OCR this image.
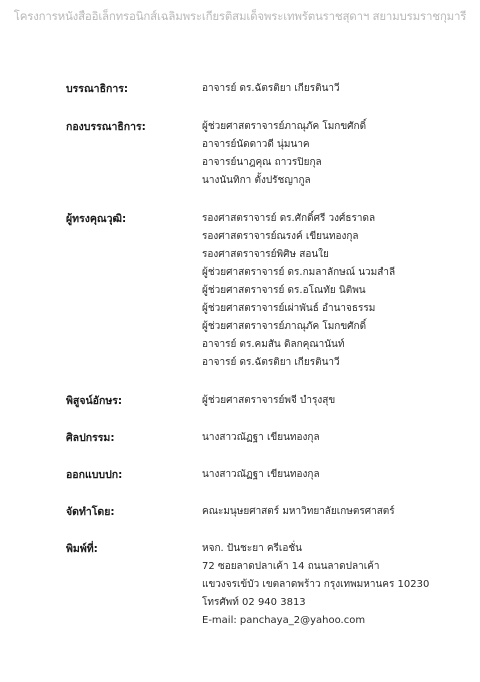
โครงการหนังสืออิเล็กทรอนิกส์เฉลิมพระเกียรติสมเด็จพระเทพรัตนราชสุดาฯ สยามบรมราชกุมารี
บรรณาธิการ:	อาจารย์ ดร.ฉัตรติยา เกียรตินาวี
กองบรรณาธิการ:	ผู้ช่วยศาสตราจารย์ภาณุภัค โมกขศักดิ์
อาจารย์นัดดาวดี นุ่มนาค
อาจารย์นาฎคุณ ถาวรปิยกุล
นางนันทิกา ตั้งปรัชญากูล
ผู้ทรงคุณวุฒิ:	รองศาสตราจารย์ ดร.ศักดิ์ศรี วงศ์ธราดล
รองศาสตราจารย์ณรงค์ เขียนทองกุล
รองศาสตราจารย์พิศิษ สอนใย
ผู้ช่วยศาสตราจารย์ ดร.กมลาลักษณ์ นวมสำลี
ผู้ช่วยศาสตราจารย์ ดร.อโณทัย นิติพน
ผู้ช่วยศาสตราจารย์เผ่าพันธ์ อำนาจธรรม
ผู้ช่วยศาสตราจารย์ภาณุภัค โมกขศักดิ์
อาจารย์ ดร.คมสัน ดิลกคุณานันท์
อาจารย์ ดร.ฉัตรติยา เกียรตินาวี
พิสูจน์อักษร:	ผู้ช่วยศาสตราจารย์พจี บำรุงสุข
ศิลปกรรม:	นางสาวณัฏฐา เขียนทองกุล
ออกแบบปก:	นางสาวณัฏฐา เขียนทองกุล
จัดทำโดย:	คณะมนุษยศาสตร์ มหาวิทยาลัยเกษตรศาสตร์
พิมพ์ที่:	หจก. ปันชะยา ครีเอชั่น
72 ซอยลาดปลาเค้า 14 ถนนลาดปลาเค้า
แขวงจรเข้บัว เขตลาดพร้าว กรุงเทพมหานคร 10230
โทรศัพท์ 02 940 3813
E-mail: panchaya_2@yahoo.com
